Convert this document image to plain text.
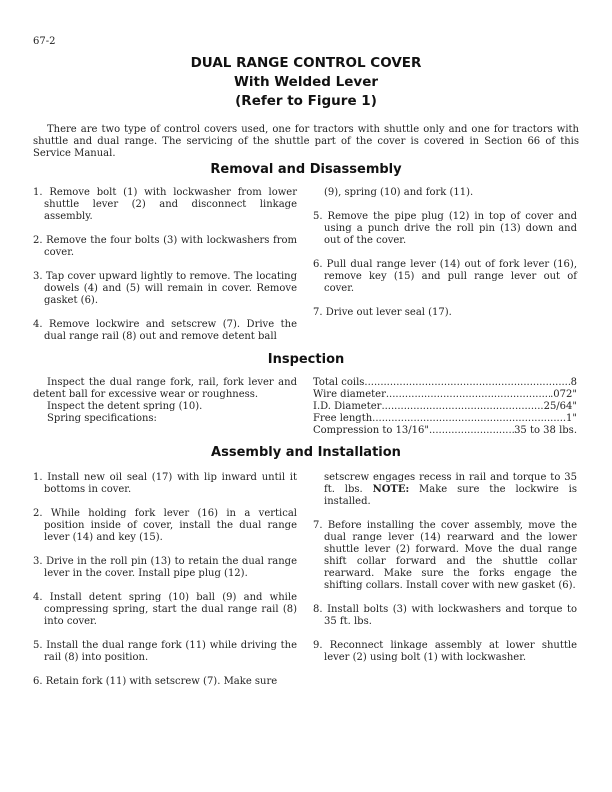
67-2
DUAL RANGE CONTROL COVER
With Welded Lever
(Refer to Figure 1)
There are two type of control covers used, one for tractors with shuttle only and one for tractors with shuttle and dual range. The servicing of the shuttle part of the cover is covered in Section 66 of this Service Manual.
Removal and Disassembly
1. Remove bolt (1) with lockwasher from lower shuttle lever (2) and disconnect linkage assembly.
2. Remove the four bolts (3) with lockwashers from cover.
3. Tap cover upward lightly to remove. The locating dowels (4) and (5) will remain in cover. Remove gasket (6).
4. Remove lockwire and setscrew (7). Drive the dual range rail (8) out and remove detent ball
(9), spring (10) and fork (11).
5. Remove the pipe plug (12) in top of cover and using a punch drive the roll pin (13) down and out of the cover.
6. Pull dual range lever (14) out of fork lever (16), remove key (15) and pull range lever out of cover.
7. Drive out lever seal (17).
Inspection

Inspect the dual range fork, rail, fork lever and detent ball for excessive wear or roughness.

Inspect the detent spring (10).

Spring specifications:

Total coils .....	8
Wire diameter .....	.072"
I.D. Diameter .....	25/64"
Free length .....	1"
Compression to 13/16" .....	35 to 38 lbs.
Assembly and Installation
1. Install new oil seal (17) with lip inward until it bottoms in cover.
2. While holding fork lever (16) in a vertical position inside of cover, install the dual range lever (14) and key (15).
3. Drive in the roll pin (13) to retain the dual range lever in the cover. Install pipe plug (12).
4. Install detent spring (10) ball (9) and while compressing spring, start the dual range rail (8) into cover.
5. Install the dual range fork (11) while driving the rail (8) into position.
6. Retain fork (11) with setscrew (7). Make sure
setscrew engages recess in rail and torque to 35 ft. lbs. NOTE: Make sure the lockwire is installed.
7. Before installing the cover assembly, move the dual range lever (14) rearward and the lower shuttle lever (2) forward. Move the dual range shift collar forward and the shuttle collar rearward. Make sure the forks engage the shifting collars. Install cover with new gasket (6).
8. Install bolts (3) with lockwashers and torque to 35 ft. lbs.
9. Reconnect linkage assembly at lower shuttle lever (2) using bolt (1) with lockwasher.
